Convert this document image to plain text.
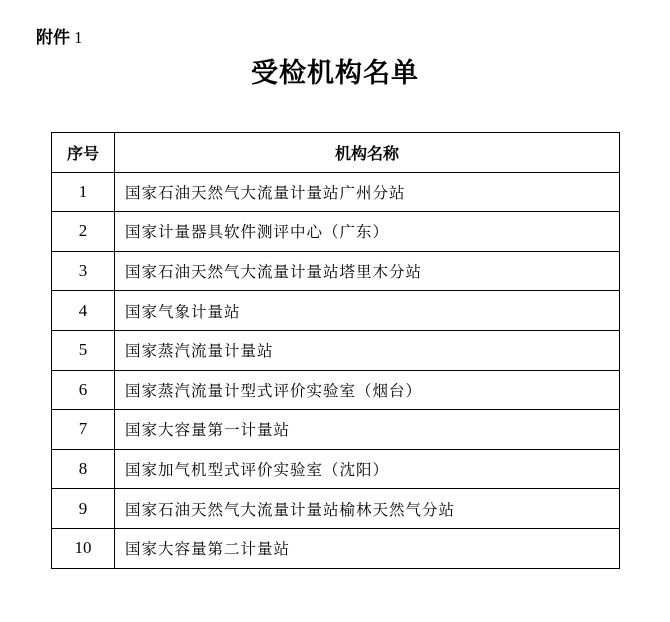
附件 1
受检机构名单
序号	机构名称
1	国家石油天然气大流量计量站广州分站
2	国家计量器具软件测评中心（广东）
3	国家石油天然气大流量计量站塔里木分站
4	国家气象计量站
5	国家蒸汽流量计量站
6	国家蒸汽流量计型式评价实验室（烟台）
7	国家大容量第一计量站
8	国家加气机型式评价实验室（沈阳）
9	国家石油天然气大流量计量站榆林天然气分站
10	国家大容量第二计量站
